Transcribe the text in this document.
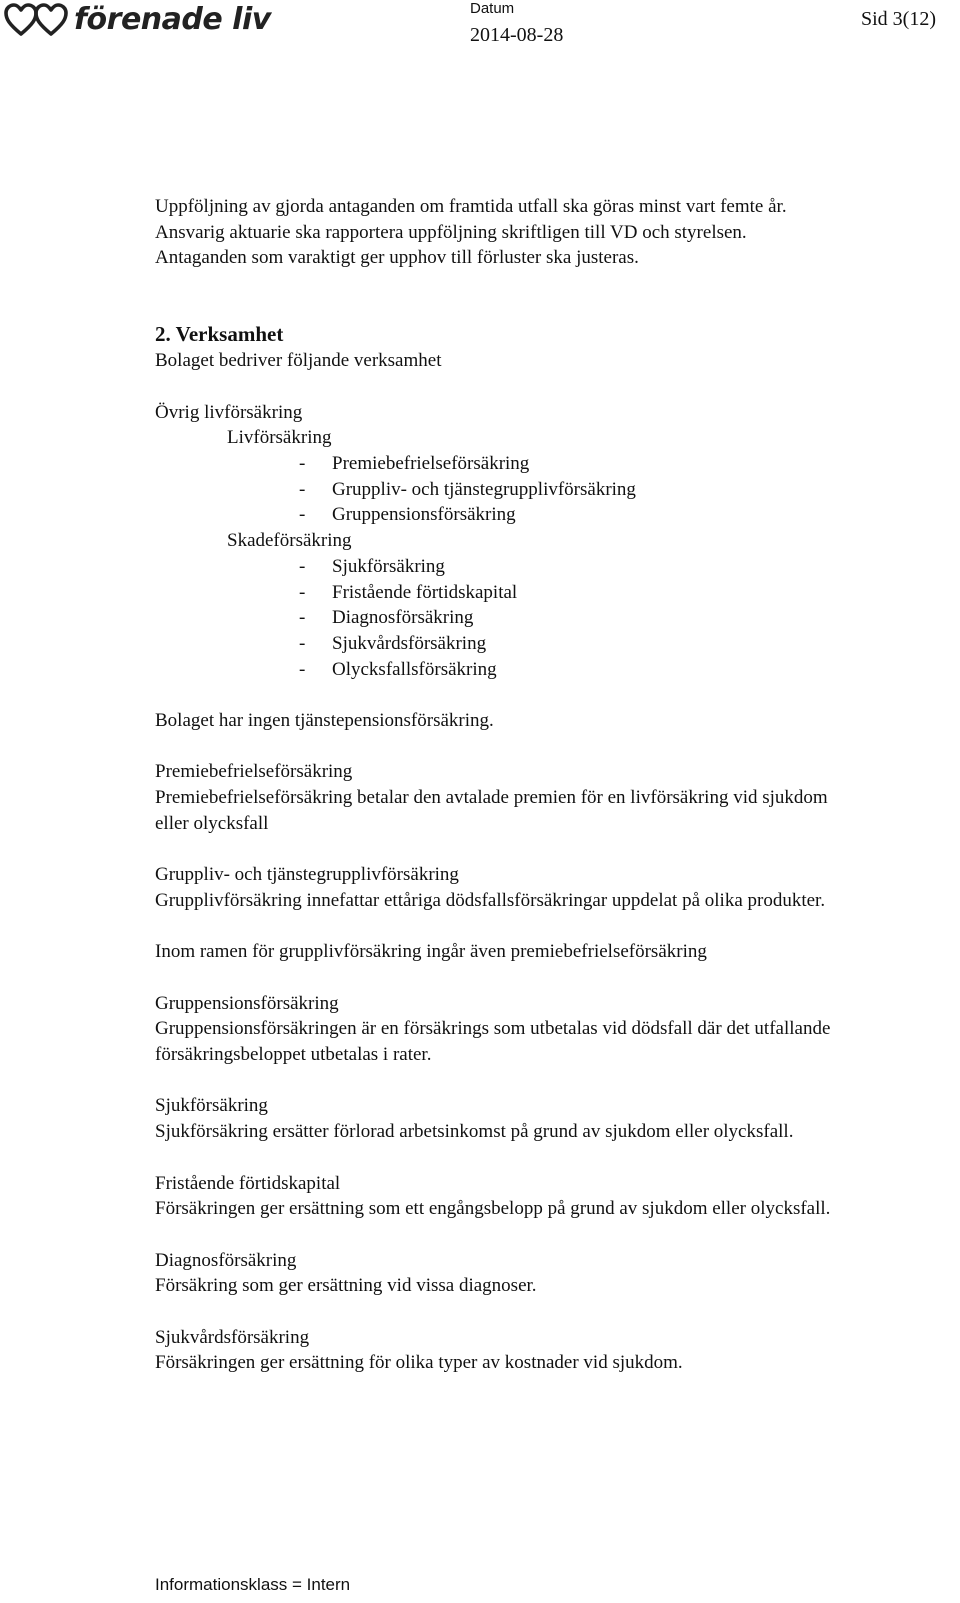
förenade liv	Datum
2014-08-28
Sid 3(12)

Uppföljning av gjorda antaganden om framtida utfall ska göras minst vart femte år.

Ansvarig aktuarie ska rapportera uppföljning skriftligen till VD och styrelsen.

Antaganden som varaktigt ger upphov till förluster ska justeras.

2. Verksamhet

Bolaget bedriver följande verksamhet

Övrig livförsäkring

Livförsäkring

- Premiebefrielseförsäkring

- Gruppliv- och tjänstegrupplivförsäkring

- Gruppensionsförsäkring

Skadeförsäkring

- Sjukförsäkring

- Fristående förtidskapital

- Diagnosförsäkring

- Sjukvårdsförsäkring

- Olycksfallsförsäkring

Bolaget har ingen tjänstepensionsförsäkring.

Premiebefrielseförsäkring

Premiebefrielseförsäkring betalar den avtalade premien för en livförsäkring vid sjukdom

eller olycksfall

Gruppliv- och tjänstegrupplivförsäkring

Grupplivförsäkring innefattar ettåriga dödsfallsförsäkringar uppdelat på olika produkter.

Inom ramen för grupplivförsäkring ingår även premiebefrielseförsäkring

Gruppensionsförsäkring

Gruppensionsförsäkringen är en försäkrings som utbetalas vid dödsfall där det utfallande

försäkringsbeloppet utbetalas i rater.

Sjukförsäkring

Sjukförsäkring ersätter förlorad arbetsinkomst på grund av sjukdom eller olycksfall.

Fristående förtidskapital

Försäkringen ger ersättning som ett engångsbelopp på grund av sjukdom eller olycksfall.

Diagnosförsäkring

Försäkring som ger ersättning vid vissa diagnoser.

Sjukvårdsförsäkring

Försäkringen ger ersättning för olika typer av kostnader vid sjukdom.

Informationsklass = Intern
